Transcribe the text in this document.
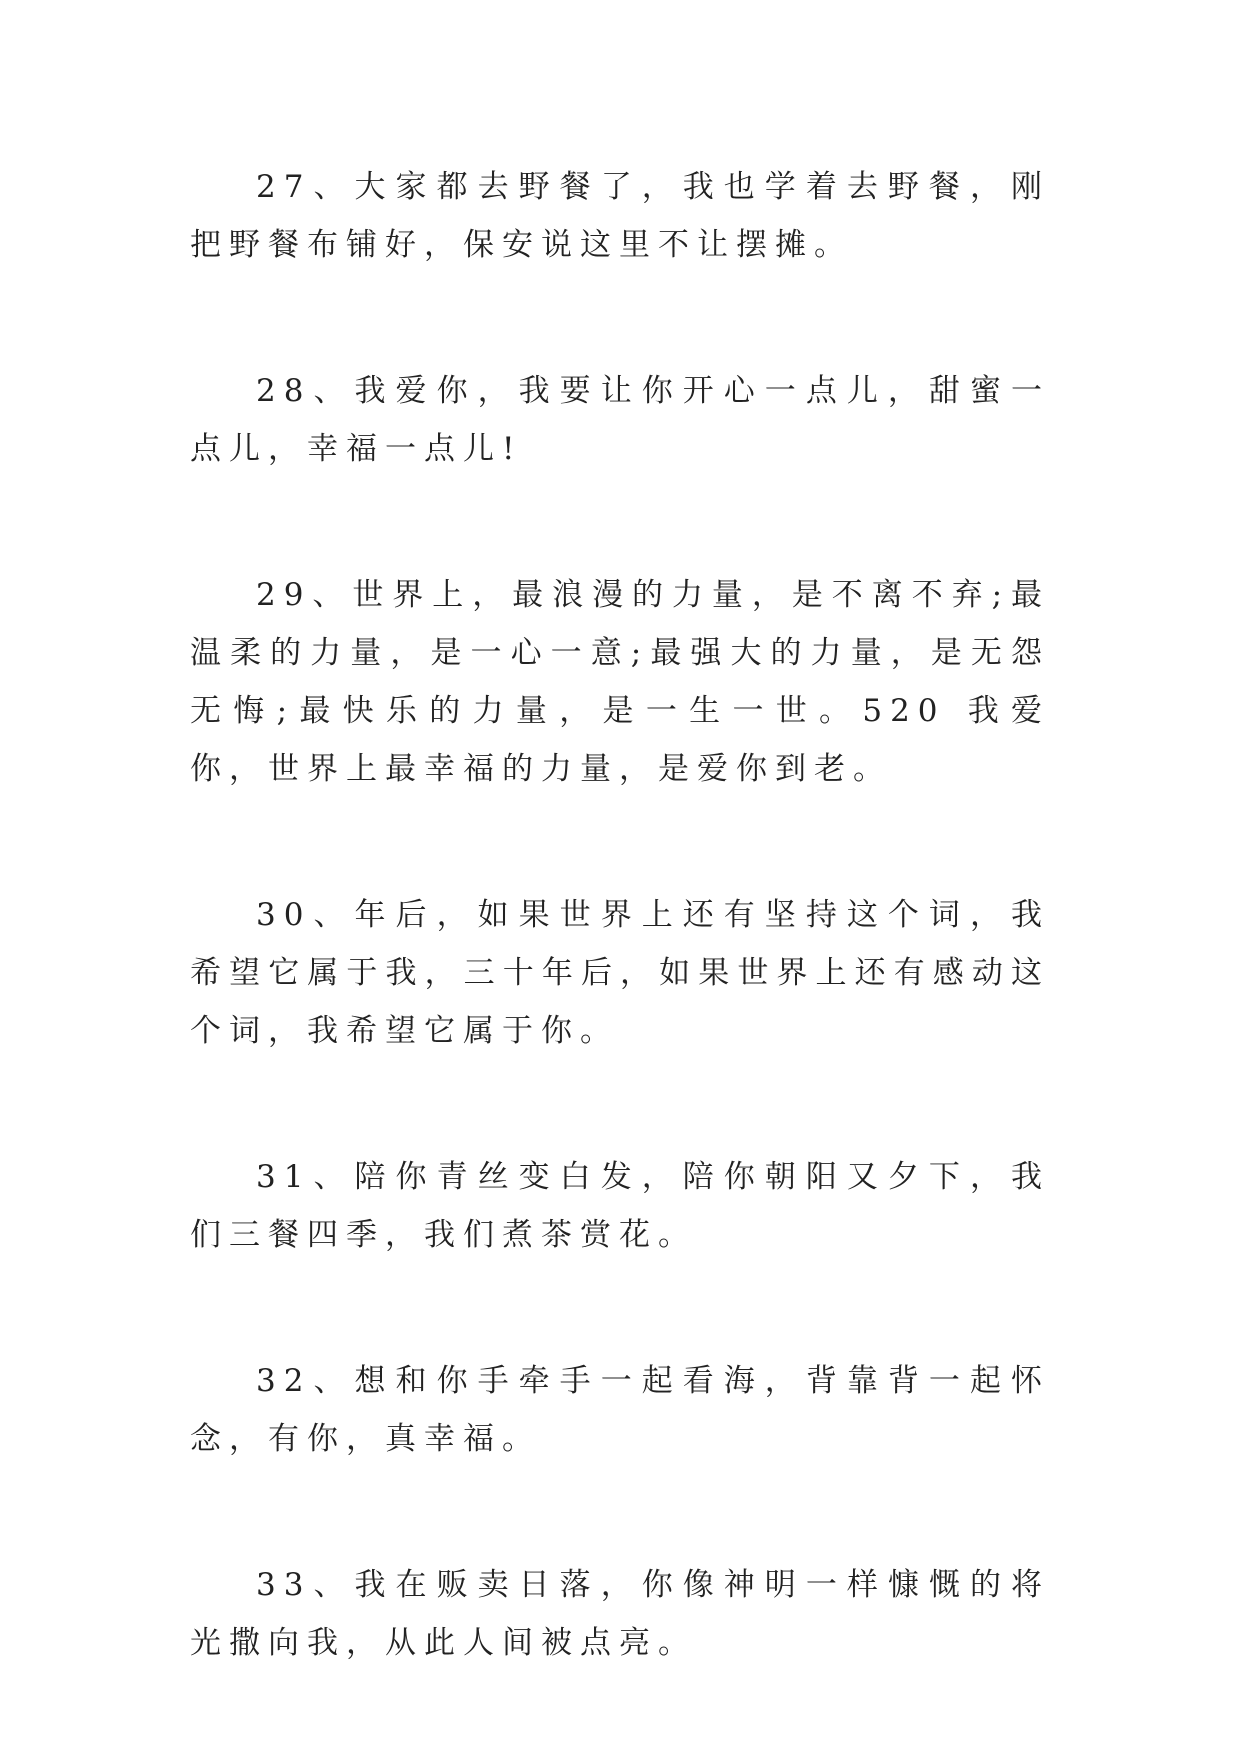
27、大家都去野餐了，我也学着去野餐，刚把野餐布铺好，保安说这里不让摆摊。

28、我爱你，我要让你开心一点儿，甜蜜一点儿，幸福一点儿!

29、世界上，最浪漫的力量，是不离不弃;最温柔的力量，是一心一意;最强大的力量，是无怨无悔;最快乐的力量，是一生一世。520 我爱你，世界上最幸福的力量，是爱你到老。

30、年后，如果世界上还有坚持这个词，我希望它属于我，三十年后，如果世界上还有感动这个词，我希望它属于你。

31、陪你青丝变白发，陪你朝阳又夕下，我们三餐四季，我们煮茶赏花。

32、想和你手牵手一起看海，背靠背一起怀念，有你，真幸福。

33、我在贩卖日落，你像神明一样慷慨的将光撒向我，从此人间被点亮。
